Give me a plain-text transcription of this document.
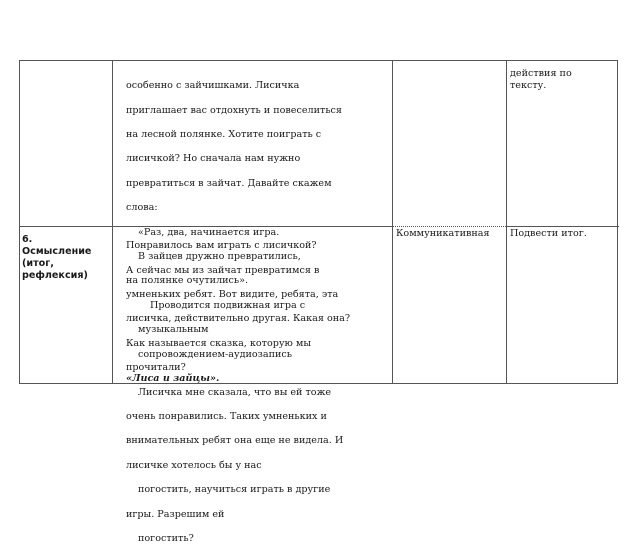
особенно с зайчишками. Лисичка

приглашает вас отдохнуть и повеселиться

на лесной полянке. Хотите поиграть с

лисичкой? Но сначала нам нужно

превратиться в зайчат. Давайте скажем

слова:

«Раз, два, начинается игра.

В зайцев дружно превратились,

на полянке очутились».

Проводится подвижная игра с

музыкальным

сопровождением-аудиозапись

«Лиса и зайцы».

действия по
тексту.
6.
Осмысление
(итог,
рефлексия)

Понравилось вам играть с лисичкой?

А сейчас мы из зайчат превратимся в

умненьких ребят. Вот видите, ребята, эта

лисичка, действительно другая. Какая она?

Как называется сказка, которую мы

прочитали?

Лисичка мне сказала, что вы ей тоже

очень понравились. Таких умненьких и

внимательных ребят она еще не видела. И

лисичке хотелось бы у нас

погостить, научиться играть в другие

игры. Разрешим ей

погостить?

Коммуникативная	Подвести итог.
